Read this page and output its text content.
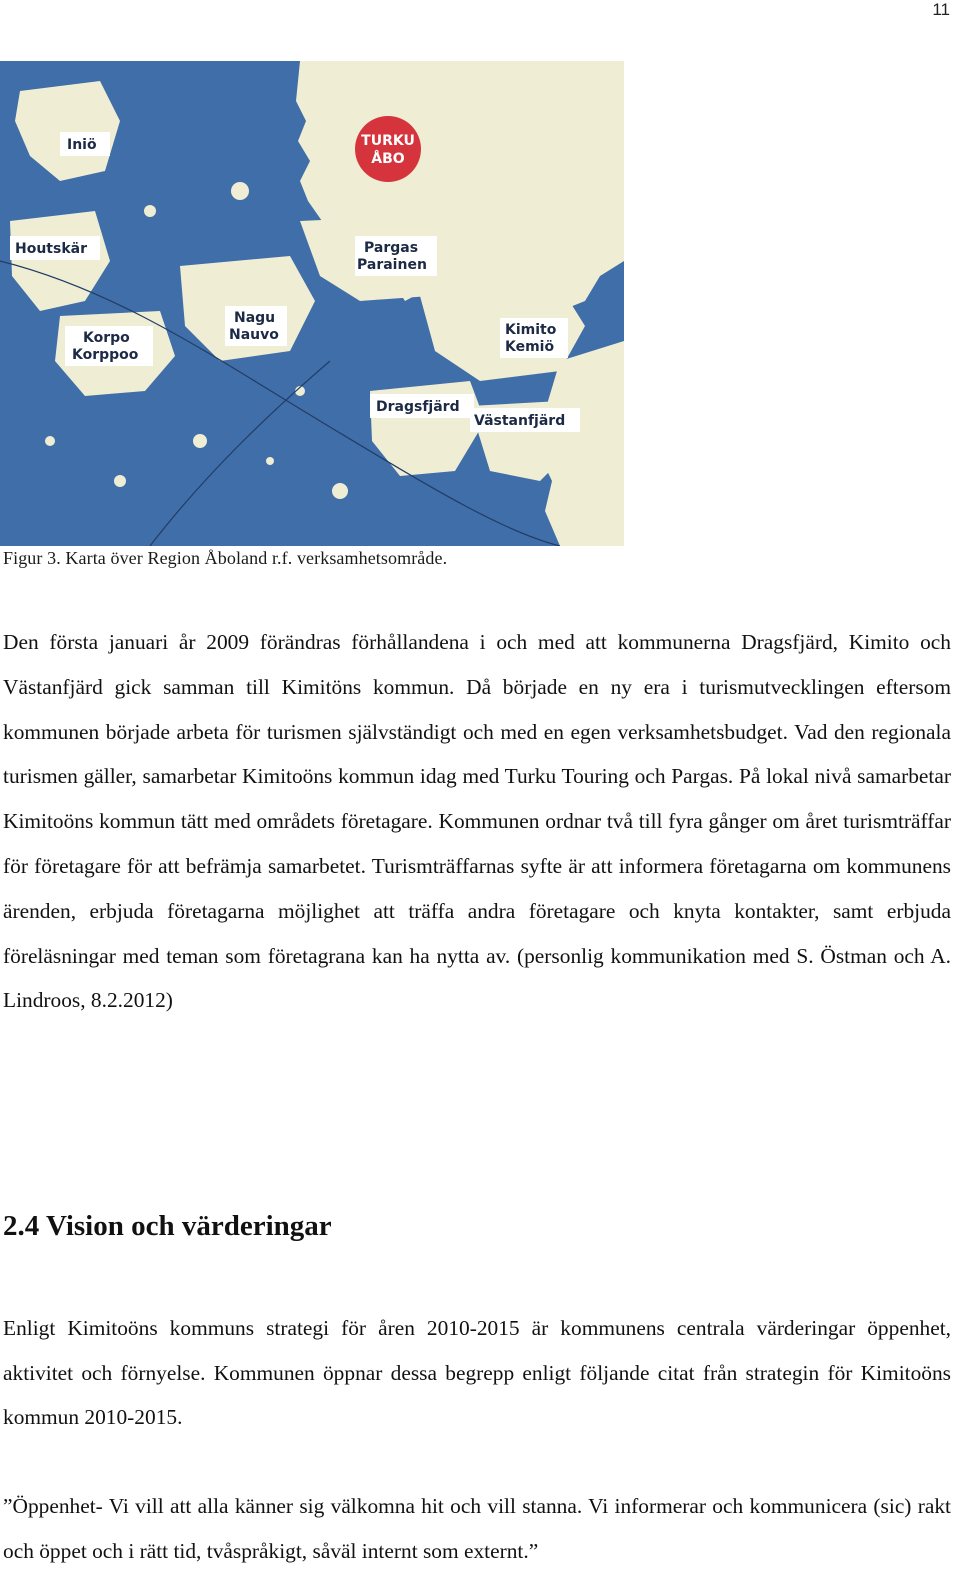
11
TURKU
ÅBO
Iniö
Houtskär	Pargas
Parainen
Nagu
Nauvo
Korpo
Korppoo
Kimito
Kemiö
Dragsfjärd
Västanfjärd
Figur 3. Karta över Region Åboland r.f. verksamhetsområde.

Den första januari år 2009 förändras förhållandena i och med att kommunerna Dragsfjärd, Kimito och Västanfjärd gick samman till Kimitöns kommun. Då började en ny era i turismutvecklingen eftersom kommunen började arbeta för turismen självständigt och med en egen verksamhetsbudget. Vad den regionala turismen gäller, samarbetar Kimitoöns kommun idag med Turku Touring och Pargas. På lokal nivå samarbetar Kimitoöns kommun tätt med områdets företagare. Kommunen ordnar två till fyra gånger om året turismträffar för företagare för att befrämja samarbetet. Turismträffarnas syfte är att informera företagarna om kommunens ärenden, erbjuda företagarna möjlighet att träffa andra företagare och knyta kontakter, samt erbjuda föreläsningar med teman som företagrana kan ha nytta av. (personlig kommunikation med S. Östman och A. Lindroos, 8.2.2012)

2.4 Vision och värderingar

Enligt Kimitoöns kommuns strategi för åren 2010-2015 är kommunens centrala värderingar öppenhet, aktivitet och förnyelse. Kommunen öppnar dessa begrepp enligt följande citat från strategin för Kimitoöns kommun 2010-2015.

”Öppenhet- Vi vill att alla känner sig välkomna hit och vill stanna. Vi informerar och kommunicera (sic) rakt och öppet och i rätt tid, tvåspråkigt, såväl internt som externt.”
